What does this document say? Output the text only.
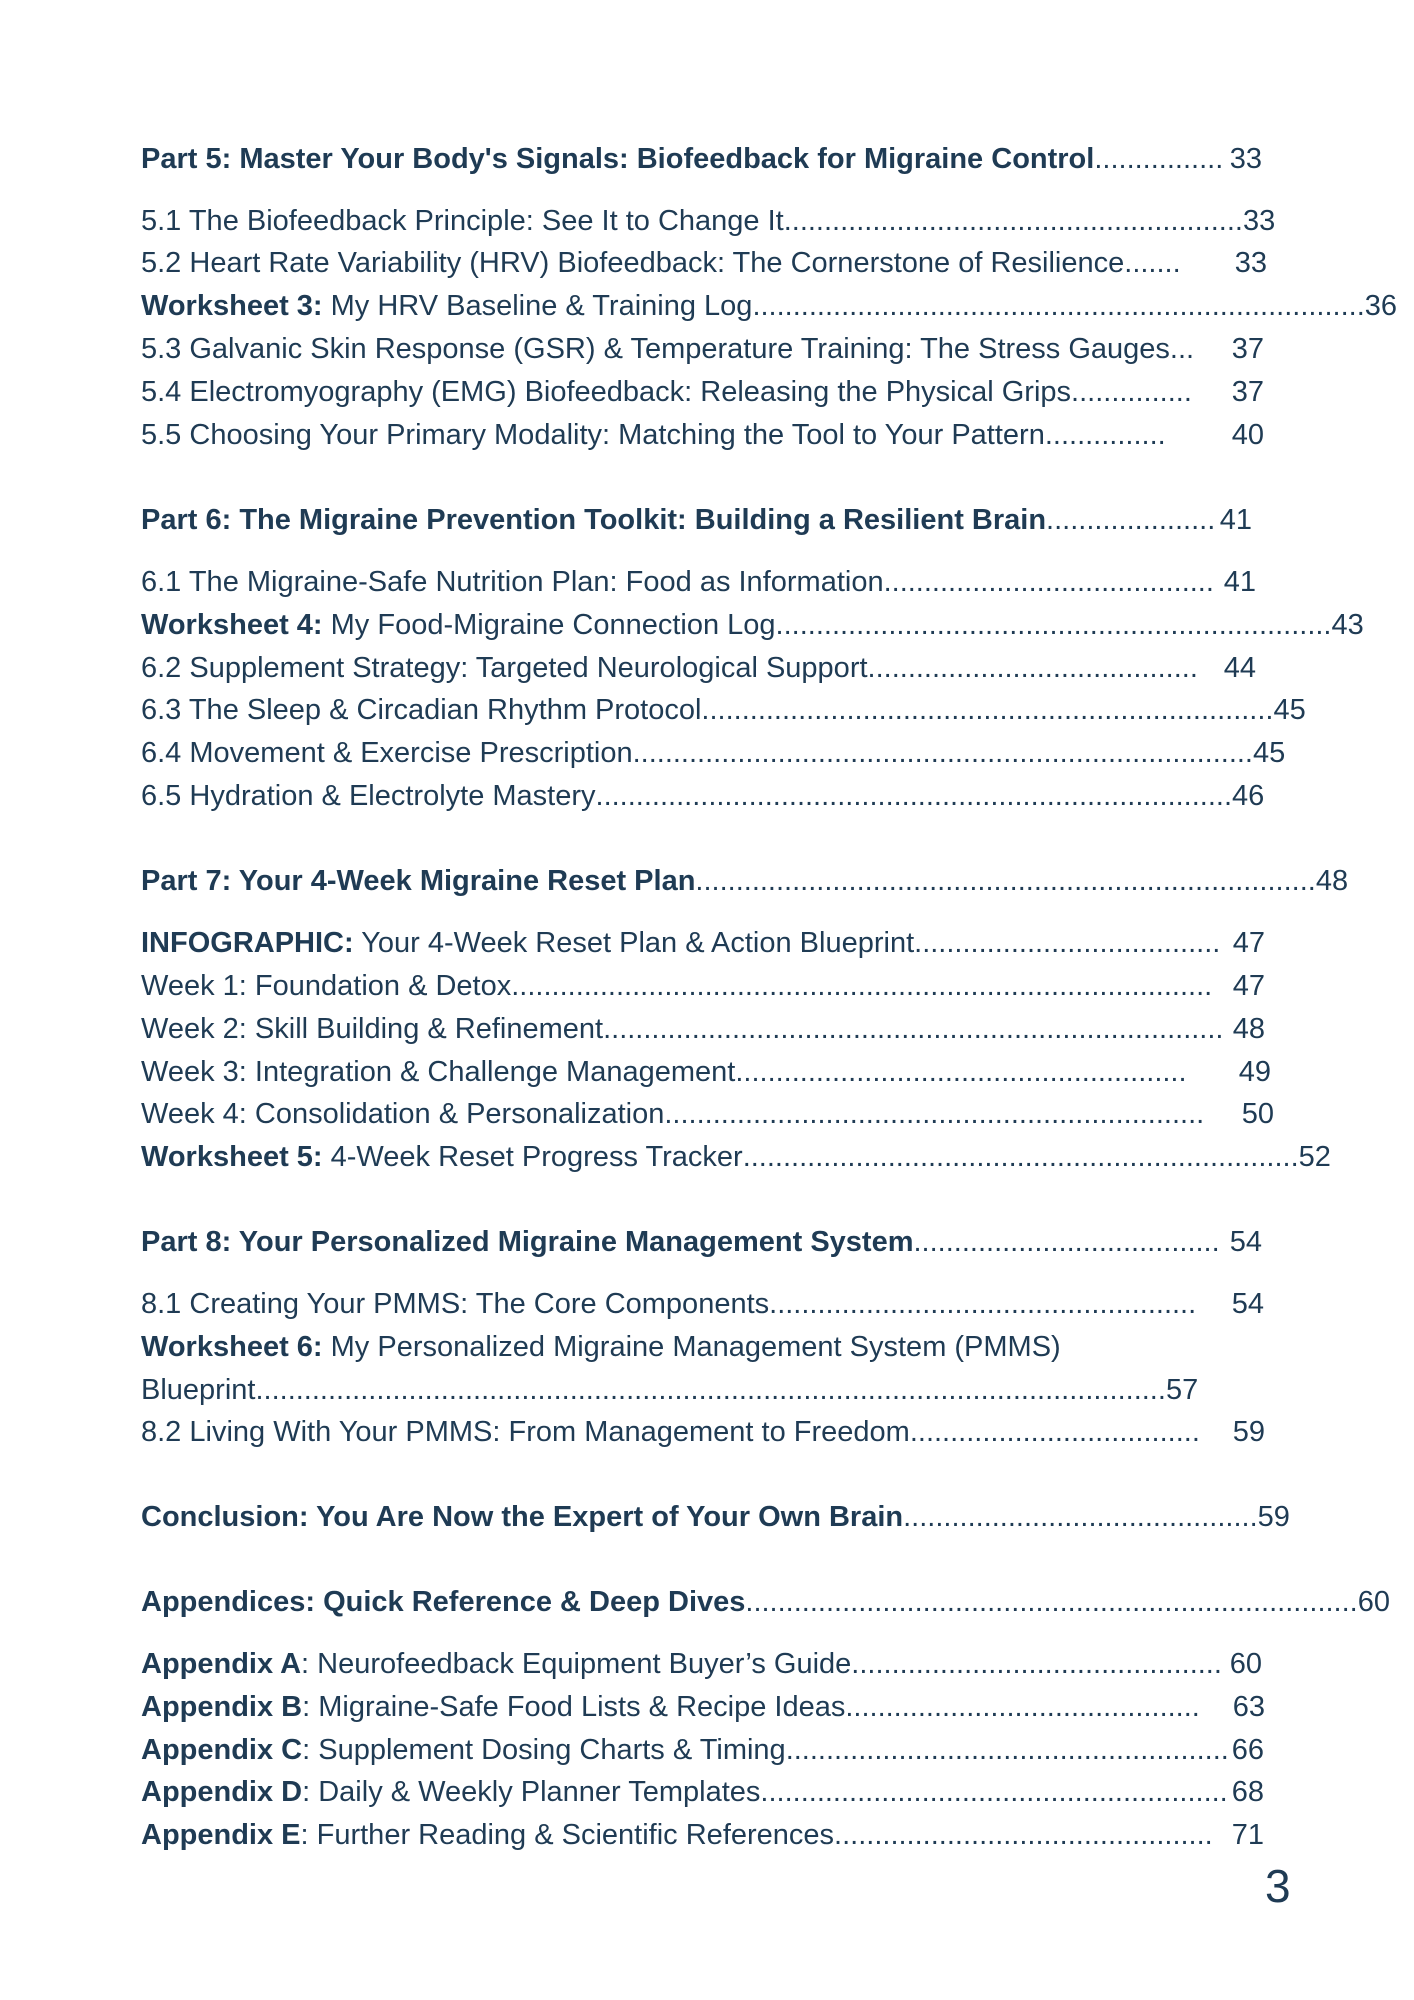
Part 5: Master Your Body's Signals: Biofeedback for Migraine Control ................ 33
5.1 The Biofeedback Principle: See It to Change It ......................................................... 33
5.2 Heart Rate Variability (HRV) Biofeedback: The Cornerstone of Resilience .......	33
Worksheet 3: My HRV Baseline & Training Log ............................................................................ 36
5.3 Galvanic Skin Response (GSR) & Temperature Training: The Stress Gauges ...	37
5.4 Electromyography (EMG) Biofeedback: Releasing the Physical Grips ...............	37
5.5 Choosing Your Primary Modality: Matching the Tool to Your Pattern ...............	40
Part 6: The Migraine Prevention Toolkit: Building a Resilient Brain ..................... 41
6.1 The Migraine-Safe Nutrition Plan: Food as Information ......................................... 41
Worksheet 4: My Food-Migraine Connection Log ..................................................................... 43
6.2 Supplement Strategy: Targeted Neurological Support ......................................... 44
6.3 The Sleep & Circadian Rhythm Protocol ....................................................................... 45
6.4 Movement & Exercise Prescription ............................................................................. 45
6.5 Hydration & Electrolyte Mastery ............................................................................... 46
Part 7: Your 4-Week Migraine Reset Plan ............................................................................. 48
INFOGRAPHIC: Your 4-Week Reset Plan & Action Blueprint ...................................... 47
Week 1: Foundation & Detox ....................................................................................... 47
Week 2: Skill Building & Refinement ............................................................................. 48
Week 3: Integration & Challenge Management ........................................................	49
Week 4: Consolidation & Personalization ...................................................................	50
Worksheet 5: 4-Week Reset Progress Tracker ..................................................................... 52
Part 8: Your Personalized Migraine Management System ...................................... 54
8.1 Creating Your PMMS: The Core Components .....................................................	54
Worksheet 6: My Personalized Migraine Management System (PMMS)
Blueprint ................................................................................................................. 57
8.2 Living With Your PMMS: From Management to Freedom ....................................	59
Conclusion: You Are Now the Expert of Your Own Brain ............................................ 59
Appendices: Quick Reference & Deep Dives ............................................................................ 60
Appendix A: Neurofeedback Equipment Buyer’s Guide .............................................. 60
Appendix B: Migraine-Safe Food Lists & Recipe Ideas ............................................	63
Appendix C: Supplement Dosing Charts & Timing ....................................................... 66
Appendix D: Daily & Weekly Planner Templates .......................................................... 68
Appendix E: Further Reading & Scientific References ............................................... 71
3
